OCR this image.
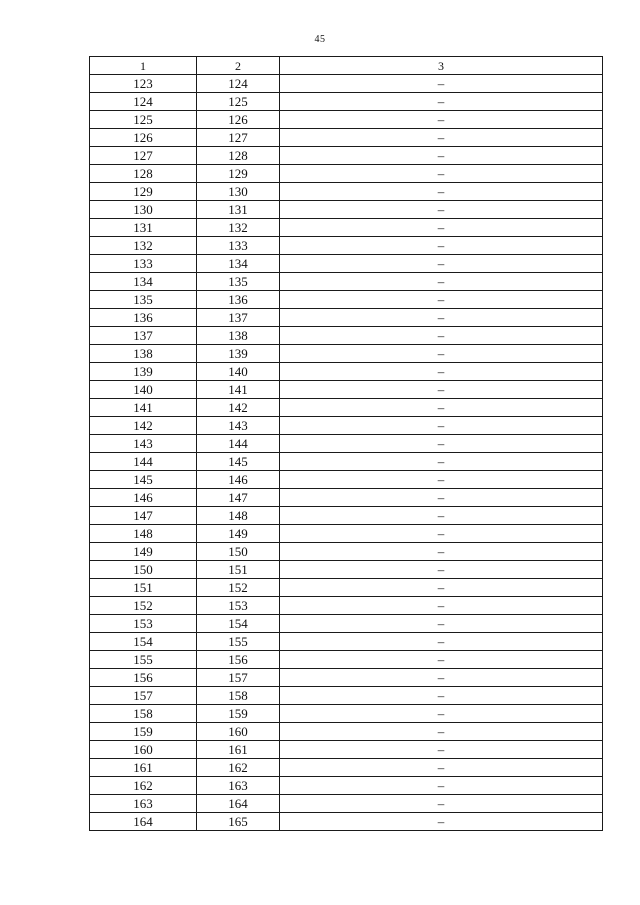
45
1	2	3
123	124	–
124	125	–
125	126	–
126	127	–
127	128	–
128	129	–
129	130	–
130	131	–
131	132	–
132	133	–
133	134	–
134	135	–
135	136	–
136	137	–
137	138	–
138	139	–
139	140	–
140	141	–
141	142	–
142	143	–
143	144	–
144	145	–
145	146	–
146	147	–
147	148	–
148	149	–
149	150	–
150	151	–
151	152	–
152	153	–
153	154	–
154	155	–
155	156	–
156	157	–
157	158	–
158	159	–
159	160	–
160	161	–
161	162	–
162	163	–
163	164	–
164	165	–
